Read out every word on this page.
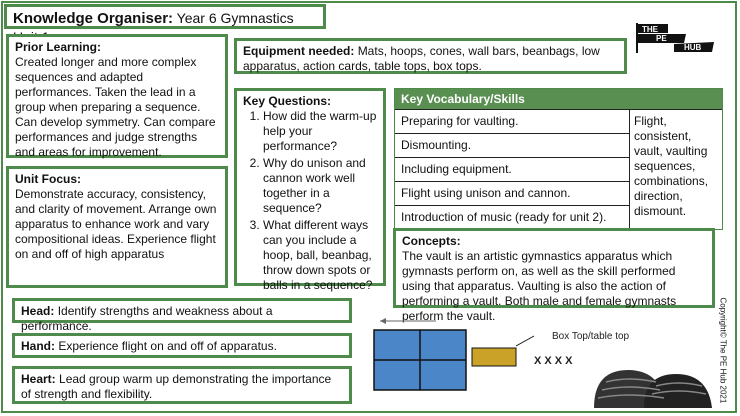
Knowledge Organiser: Year 6 Gymnastics
THE
PE
HUB
Prior Learning:
Created longer and more complex sequences and adapted performances. Taken the lead in a group when preparing a sequence. Can develop symmetry. Can compare performances and judge strengths and areas for improvement.
Unit Focus:
Demonstrate accuracy, consistency, and clarity of movement. Arrange own apparatus to enhance work and vary compositional ideas. Experience flight on and off of high apparatus
Equipment needed: Mats, hoops, cones, wall bars, beanbags, low apparatus, action cards, table tops, box tops.
Key Questions:
1. How did the warm-up help your performance?
2. Why do unison and cannon work well together in a sequence?
3. What different ways can you include a hoop, ball, beanbag, throw down spots or balls in a sequence?
Key Vocabulary/Skills
Preparing for vaulting.
Dismounting.
Including equipment.
Flight using unison and cannon.
Introduction of music (ready for unit 2).
Flight, consistent, vault, vaulting sequences, combinations, direction, dismount.
Concepts:
The vault is an artistic gymnastics apparatus which gymnasts perform on, as well as the skill performed using that apparatus. Vaulting is also the action of performing a vault. Both male and female gymnasts perform the vault.
Head: Identify strengths and weakness about a performance.
Hand: Experience flight on and off of apparatus.
Heart: Lead group warm up demonstrating the importance of strength and flexibility.
Box Top/table top
X X X X	Copyright© The PE Hub 2021
